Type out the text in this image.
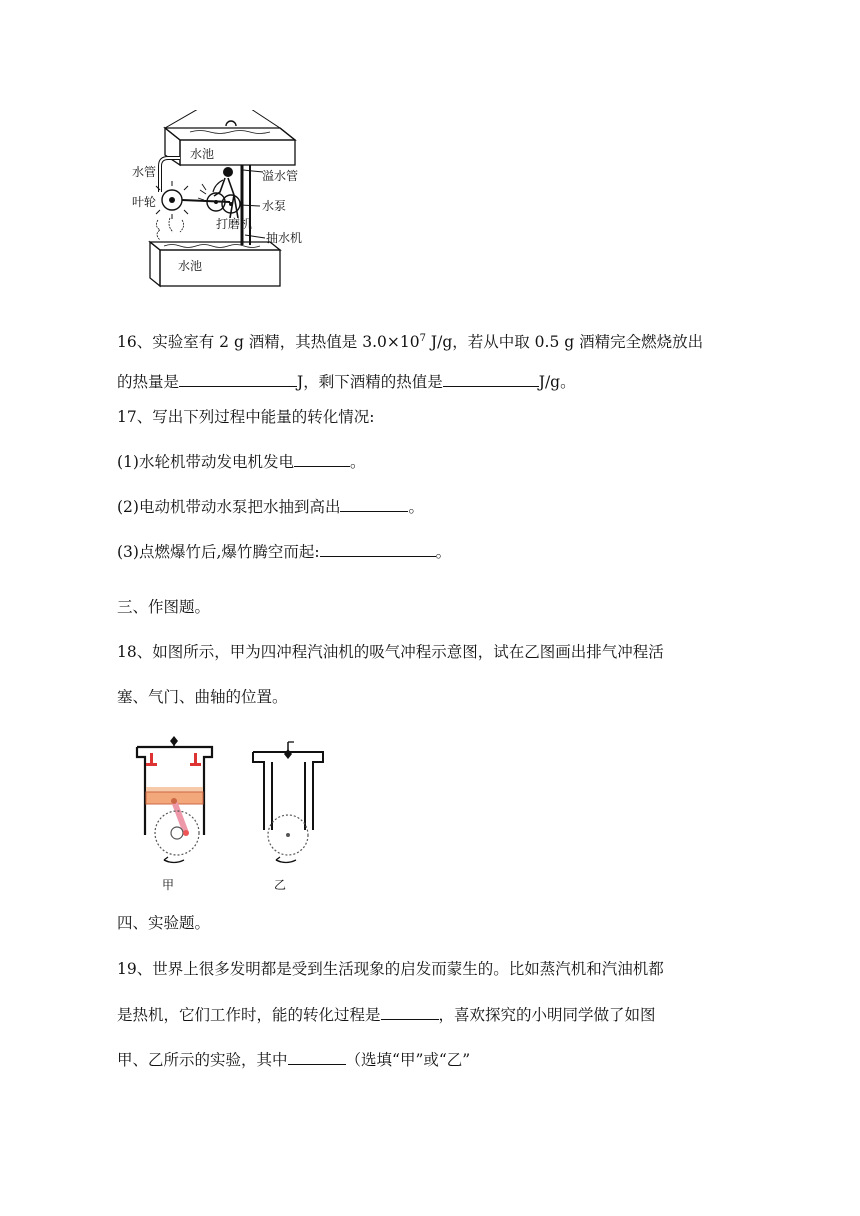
水池
水管	溢水管
叶轮	水泵
打磨机
抽水机
水池
16、实验室有 2 g 酒精，其热值是 $3.0\times 10^7$ J/g，若从中取 0.5 g 酒精完全燃烧放出
的热量是	J，剩下酒精的热值是	J/g。
17、写出下列过程中能量的转化情况:
(1)水轮机带动发电机发电	。
(2)电动机带动水泵把水抽到高出	。
(3)点燃爆竹后,爆竹腾空而起:	。
三、作图题。
18、如图所示，甲为四冲程汽油机的吸气冲程示意图，试在乙图画出排气冲程活
塞、气门、曲轴的位置。
甲	乙
四、实验题。
19、世界上很多发明都是受到生活现象的启发而蒙生的。比如蒸汽机和汽油机都
是热机，它们工作时，能的转化过程是	，喜欢探究的小明同学做了如图
甲、乙所示的实验，其中	（选填“甲”或“乙”
